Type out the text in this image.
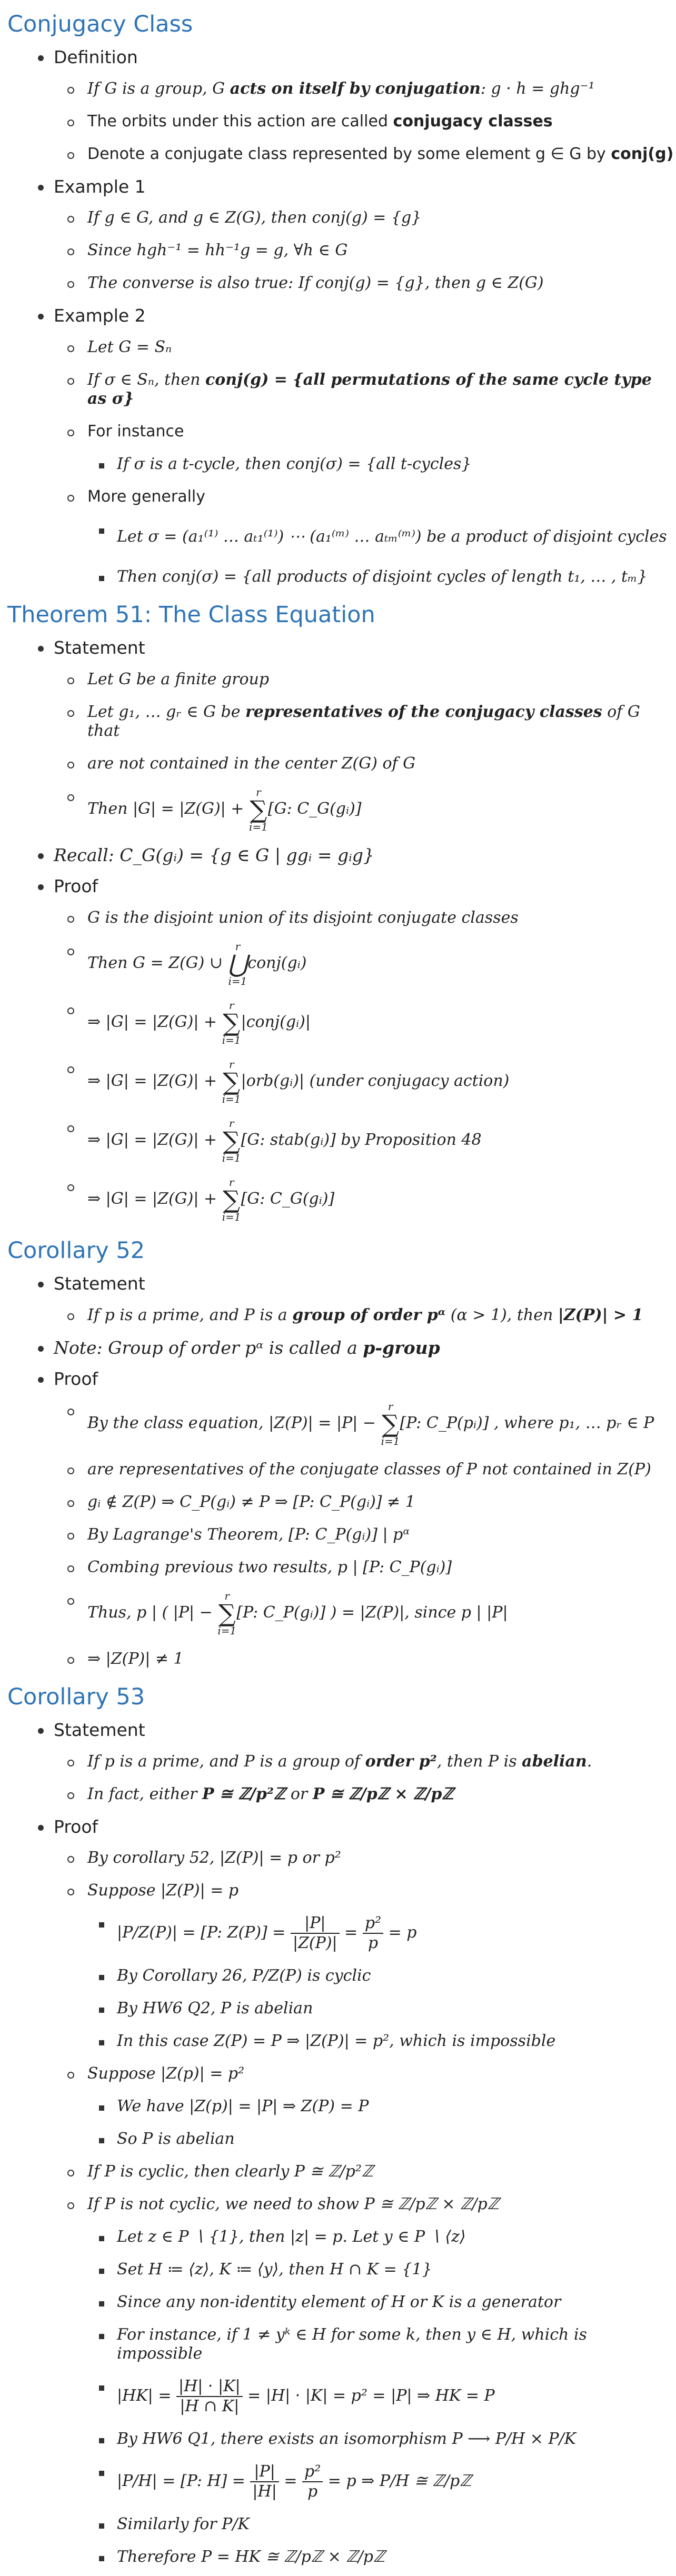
Conjugacy Class
Definition
If G is a group, G acts on itself by conjugation: g · h = ghg⁻¹
The orbits under this action are called conjugacy classes
Denote a conjugate class represented by some element g ∈ G by conj(g)
Example 1
If g ∈ G, and g ∈ Z(G), then conj(g) = {g}
Since hgh⁻¹ = hh⁻¹g = g, ∀h ∈ G
The converse is also true: If conj(g) = {g}, then g ∈ Z(G)
Example 2
Let G = Sₙ
If σ ∈ Sₙ, then conj(g) = {all permutations of the same cycle type as σ}
For instance
If σ is a t-cycle, then conj(σ) = {all t-cycles}
More generally
Let σ = (a₁⁽¹⁾ … aₜ₁⁽¹⁾) ⋯ (a₁⁽ᵐ⁾ … aₜₘ⁽ᵐ⁾) be a product of disjoint cycles
Then conj(σ) = {all products of disjoint cycles of length t₁, … , tₘ}
Theorem 51: The Class Equation
Statement
Let G be a finite group
Let g₁, … gᵣ ∈ G be representatives of the conjugacy classes of G that
are not contained in the center Z(G) of G
Then |G| = |Z(G)| +
r
∑
i=1
[G: C_G(gᵢ)]
Recall: C_G(gᵢ) = {g ∈ G | ggᵢ = gᵢg}
Proof
G is the disjoint union of its disjoint conjugate classes
Then G = Z(G) ∪
r
⋃
i=1
conj(gᵢ)
⇒ |G| = |Z(G)| +
r
∑
i=1
|conj(gᵢ)|
⇒ |G| = |Z(G)| +
r
∑
i=1
|orb(gᵢ)| (under conjugacy action)
⇒ |G| = |Z(G)| +
r
∑
i=1
[G: stab(gᵢ)] by Proposition 48
⇒ |G| = |Z(G)| +
r
∑
i=1
[G: C_G(gᵢ)]
Corollary 52
Statement
If p is a prime, and P is a group of order pᵅ (α > 1), then |Z(P)| > 1
Note: Group of order pᵅ is called a p-group
Proof
By the class equation, |Z(P)| = |P| −
r
∑
i=1
[P: C_P(pᵢ)] , where p₁, … pᵣ ∈ P
are representatives of the conjugate classes of P not contained in Z(P)
gᵢ ∉ Z(P) ⇒ C_P(gᵢ) ≠ P ⇒ [P: C_P(gᵢ)] ≠ 1
By Lagrange's Theorem, [P: C_P(gᵢ)] | pᵅ
Combing previous two results, p | [P: C_P(gᵢ)]
Thus, p | ( |P| −
r
∑
i=1
[P: C_P(gᵢ)] ) = |Z(P)|, since p | |P|
⇒ |Z(P)| ≠ 1
Corollary 53
Statement
If p is a prime, and P is a group of order p², then P is abelian.
In fact, either P ≅ ℤ/p²ℤ or P ≅ ℤ/pℤ × ℤ/pℤ
Proof
By corollary 52, |Z(P)| = p or p²
Suppose |Z(P)| = p
|P/Z(P)| = [P: $Z(P)] = \frac{|P|}{|Z(P)|} = \frac{\text{p²}}{p} = p$
By Corollary 26, P/Z(P) is cyclic
By HW6 Q2, P is abelian
In this case Z(P) = P ⇒ |Z(P)| = p², which is impossible
Suppose |Z(p)| = p²
We have |Z(p)| = |P| ⇒ Z(P) = P
So P is abelian
If P is cyclic, then clearly P ≅ ℤ/p²ℤ
If P is not cyclic, we need to show P ≅ ℤ/pℤ × ℤ/pℤ
Let z ∈ P ∖ {1}, then |z| = p. Let y ∈ P ∖ ⟨z⟩
Set H ≔ ⟨z⟩, K ≔ ⟨y⟩, then H ∩ K = {1}
Since any non-identity element of H or K is a generator
For instance, if 1 ≠ yᵏ ∈ H for some k, then y ∈ H, which is impossible
$|HK| = \frac{|H| \cdot |K|}{|H \cap K|} = |H| \cdot |K| = p^2 = |P|$ ⇒ HK = P
By HW6 Q1, there exists an isomorphism P ⟶ P/H × P/K
|P/H| = [P: $H] = \frac{|P|}{|H|} = \frac{\text{p²}}{p} = p$ ⇒ P/H ≅ ℤ/pℤ
Similarly for P/K
Therefore P = HK ≅ ℤ/pℤ × ℤ/pℤ
